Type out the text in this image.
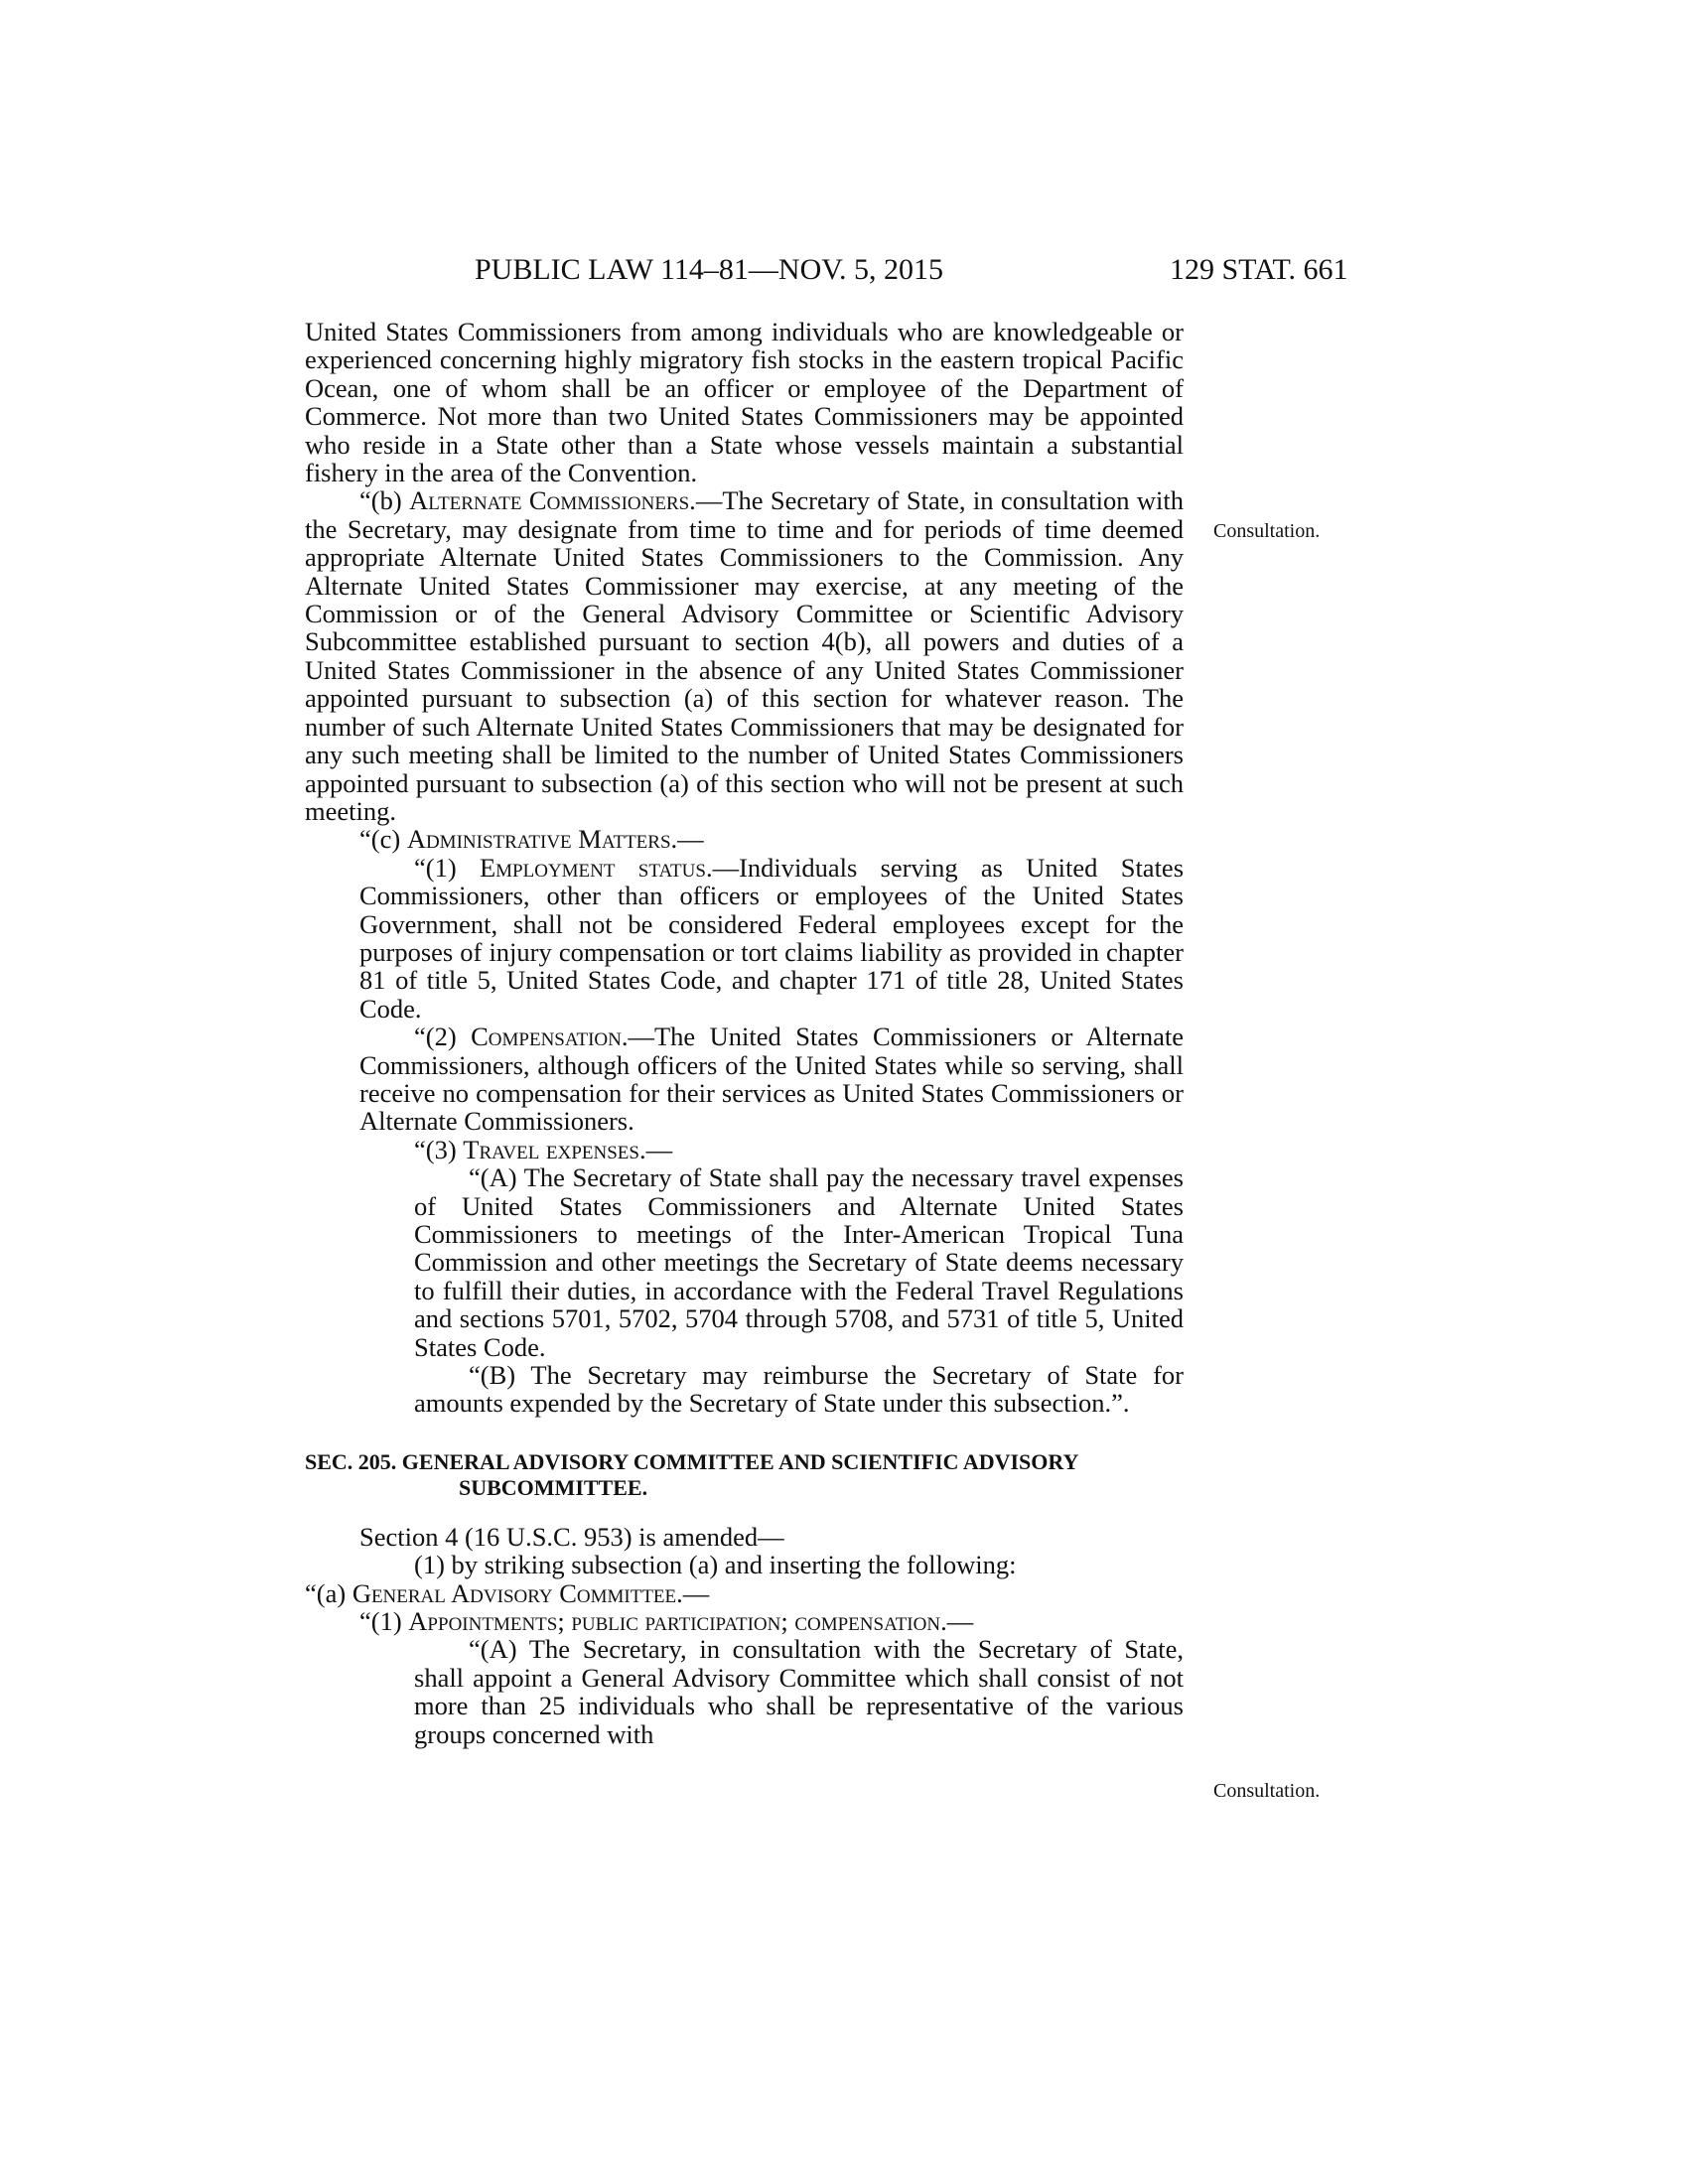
PUBLIC LAW 114–81—NOV. 5, 2015	129 STAT. 661

United States Commissioners from among individuals who are knowledgeable or experienced concerning highly migratory fish stocks in the eastern tropical Pacific Ocean, one of whom shall be an officer or employee of the Department of Commerce. Not more than two United States Commissioners may be appointed who reside in a State other than a State whose vessels maintain a substantial fishery in the area of the Convention.

“(b) Alternate Commissioners.—The Secretary of State, in consultation with the Secretary, may designate from time to time and for periods of time deemed appropriate Alternate United States Commissioners to the Commission. Any Alternate United States Commissioner may exercise, at any meeting of the Commission or of the General Advisory Committee or Scientific Advisory Subcommittee established pursuant to section 4(b), all powers and duties of a United States Commissioner in the absence of any United States Commissioner appointed pursuant to subsection (a) of this section for whatever reason. The number of such Alternate United States Commissioners that may be designated for any such meeting shall be limited to the number of United States Commissioners appointed pursuant to subsection (a) of this section who will not be present at such meeting.

“(c) Administrative Matters.—

“(1) Employment status.—Individuals serving as United States Commissioners, other than officers or employees of the United States Government, shall not be considered Federal employees except for the purposes of injury compensation or tort claims liability as provided in chapter 81 of title 5, United States Code, and chapter 171 of title 28, United States Code.

“(2) Compensation.—The United States Commissioners or Alternate Commissioners, although officers of the United States while so serving, shall receive no compensation for their services as United States Commissioners or Alternate Commissioners.

“(3) Travel expenses.—

“(A) The Secretary of State shall pay the necessary travel expenses of United States Commissioners and Alternate United States Commissioners to meetings of the Inter-American Tropical Tuna Commission and other meetings the Secretary of State deems necessary to fulfill their duties, in accordance with the Federal Travel Regulations and sections 5701, 5702, 5704 through 5708, and 5731 of title 5, United States Code.

“(B) The Secretary may reimburse the Secretary of State for amounts expended by the Secretary of State under this subsection.”.

SEC. 205. GENERAL ADVISORY COMMITTEE AND SCIENTIFIC ADVISORY SUBCOMMITTEE.

Section 4 (16 U.S.C. 953) is amended—

(1) by striking subsection (a) and inserting the following:

“(a) General Advisory Committee.—

“(1) Appointments; public participation; compensation.—

“(A) The Secretary, in consultation with the Secretary of State, shall appoint a General Advisory Committee which shall consist of not more than 25 individuals who shall be representative of the various groups concerned with

Consultation.
Consultation.
